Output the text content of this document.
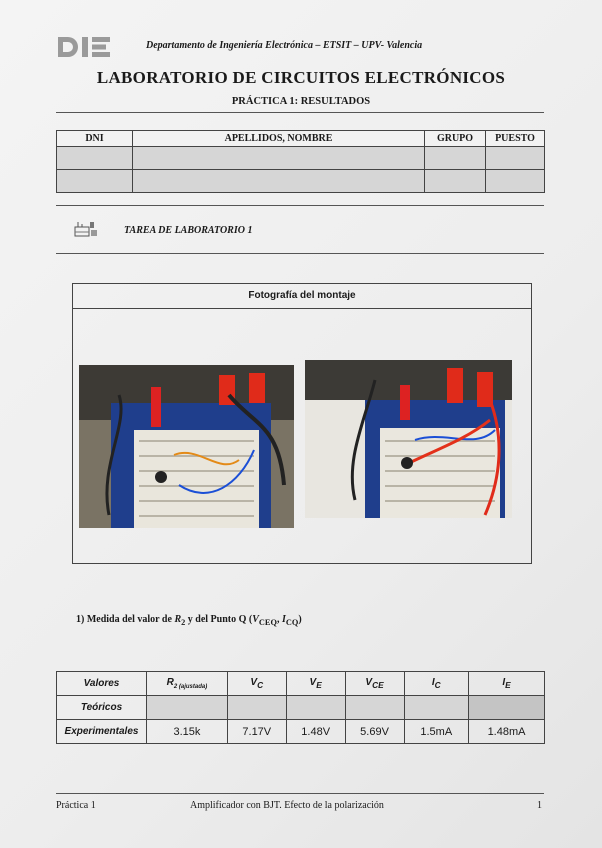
Departamento de Ingeniería Electrónica – ETSIT – UPV- Valencia
LABORATORIO DE CIRCUITOS ELECTRÓNICOS
PRÁCTICA 1: RESULTADOS
DNI	APELLIDOS, NOMBRE	GRUPO	PUESTO

TAREA DE LABORATORIO 1
Fotografía del montaje
1) Medida del valor de $R_2$ y del Punto Q ($V_{CEQ}$, $I_{CQ}$)
Valores	$R_{2 (ajustada)}$	$V_C$	$V_E$	$V_{CE}$	$I_C$	$I_E$
Teóricos						
Experimentales	3.15k	7.17V	1.48V	5.69V	1.5mA	1.48mA
Práctica 1	Amplificador con BJT. Efecto de la polarización	1
